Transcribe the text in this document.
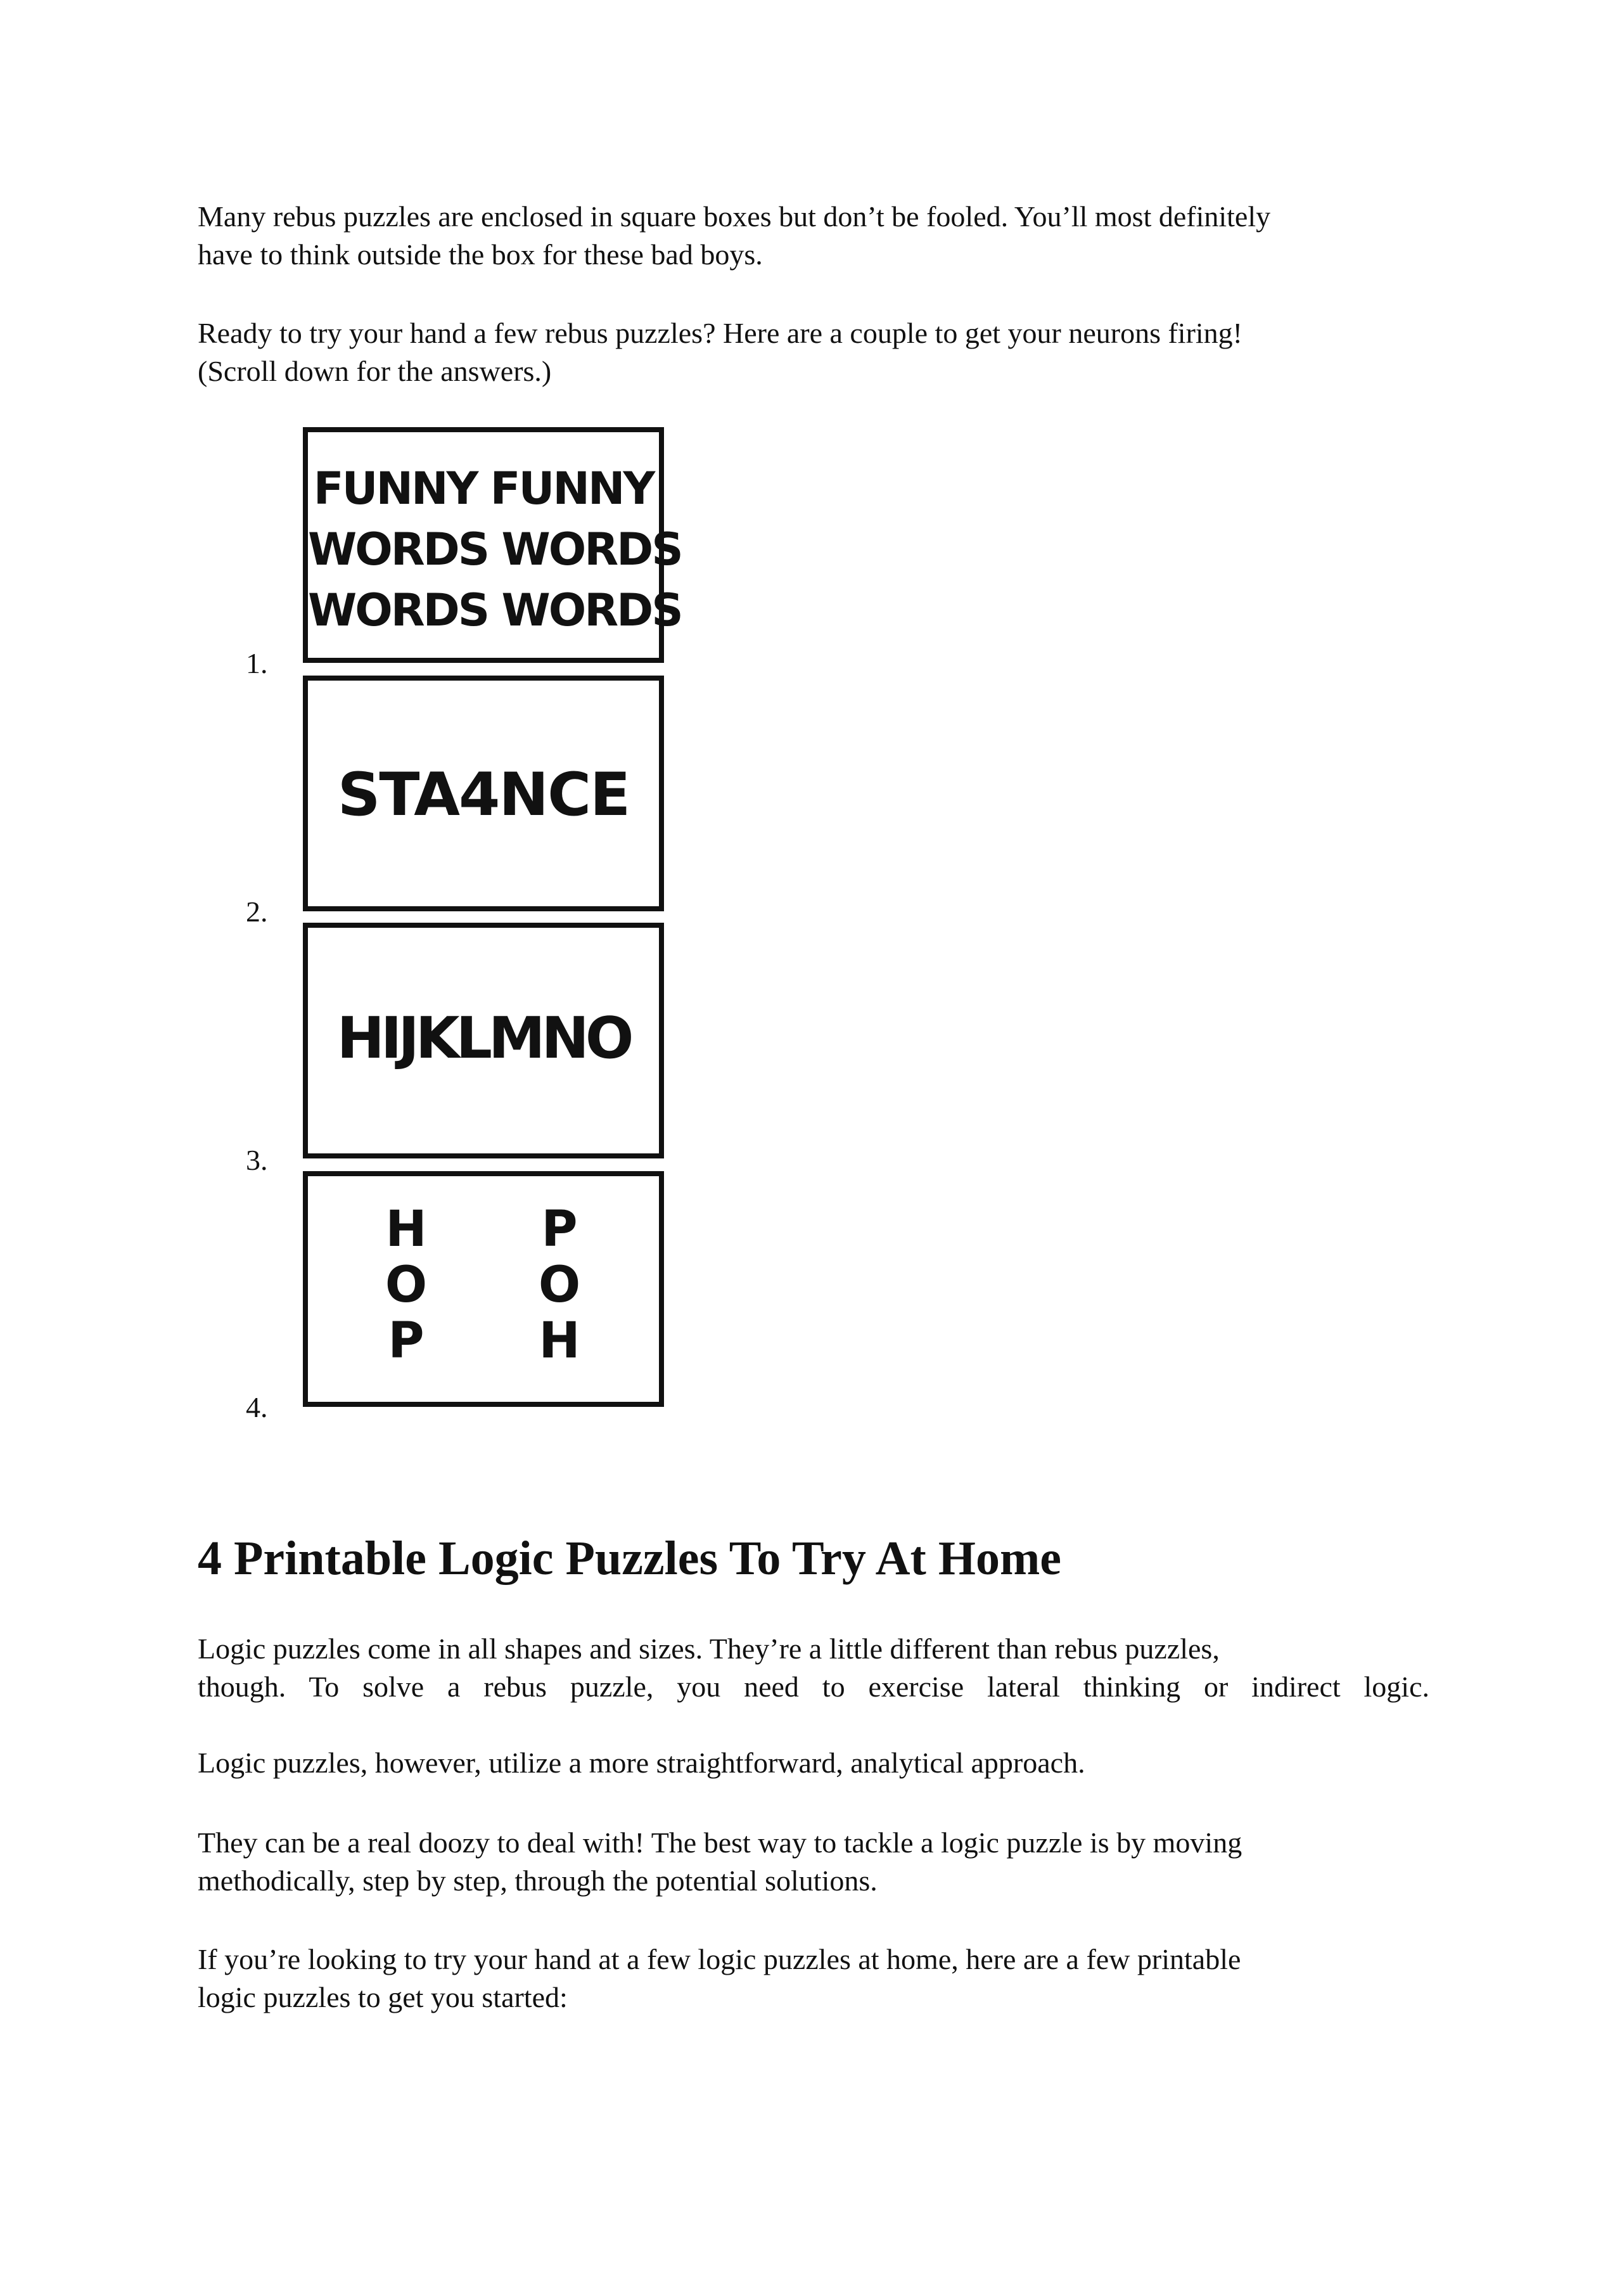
Many rebus puzzles are enclosed in square boxes but don’t be fooled. You’ll most definitely
have to think outside the box for these bad boys.

Ready to try your hand a few rebus puzzles? Here are a couple to get your neurons firing!
(Scroll down for the answers.)

1.
FUNNY FUNNY
WORDS WORDS
WORDS WORDS
2.
STA4NCE
3.
HIJKLMNO
4.
H
O
P
P
O
H
4 Printable Logic Puzzles To Try At Home

Logic puzzles come in all shapes and sizes. They’re a little different than rebus puzzles,
though. To solve a rebus puzzle, you need to exercise lateral thinking or indirect logic.

Logic puzzles, however, utilize a more straightforward, analytical approach.

They can be a real doozy to deal with! The best way to tackle a logic puzzle is by moving
methodically, step by step, through the potential solutions.

If you’re looking to try your hand at a few logic puzzles at home, here are a few printable
logic puzzles to get you started:
